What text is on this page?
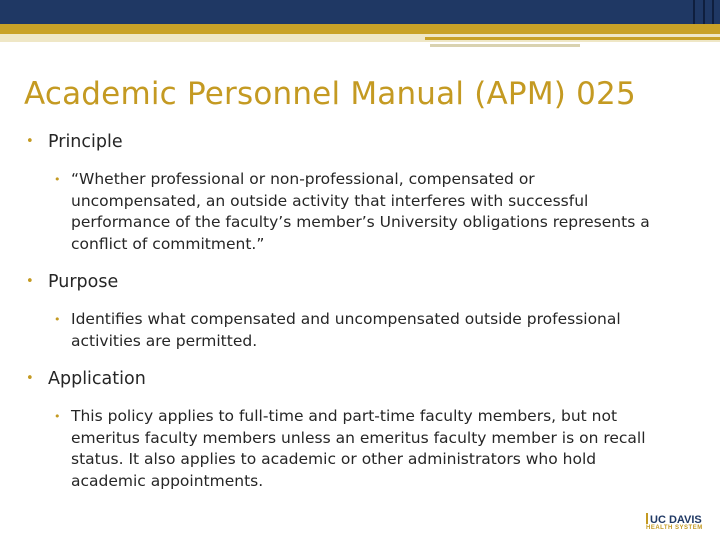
Academic Personnel Manual (APM) 025
• Principle
• “Whether professional or non-professional, compensated or uncompensated, an outside activity that interferes with successful performance of the faculty’s member’s University obligations represents a conflict of commitment.”
• Purpose
• Identifies what compensated and uncompensated outside professional activities are permitted.
• Application
• This policy applies to full-time and part-time faculty members, but not emeritus faculty members unless an emeritus faculty member is on recall status. It also applies to academic or other administrators who hold academic appointments.
UC DAVIS
HEALTH SYSTEM
